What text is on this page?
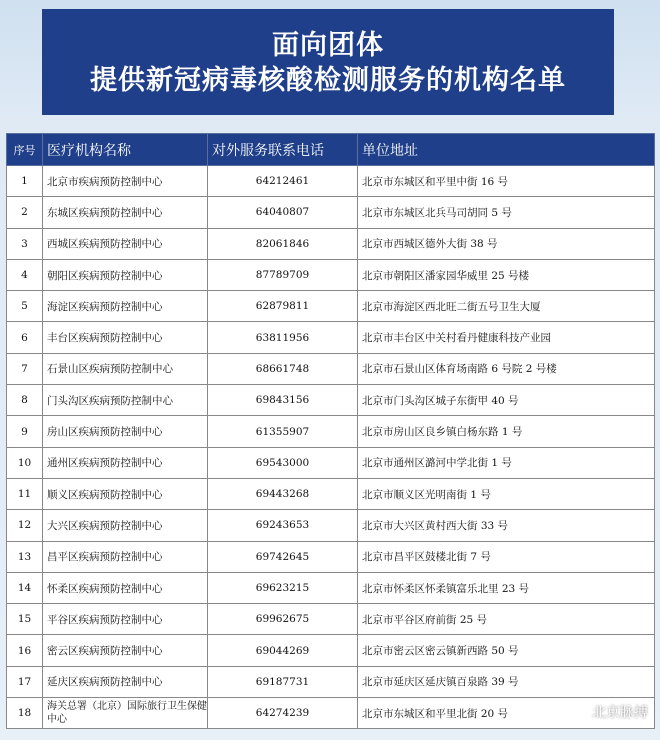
面向团体
提供新冠病毒核酸检测服务的机构名单
序号	医疗机构名称	对外服务联系电话	单位地址
1	北京市疾病预防控制中心	64212461	北京市东城区和平里中街 16 号
2	东城区疾病预防控制中心	64040807	北京市东城区北兵马司胡同 5 号
3	西城区疾病预防控制中心	82061846	北京市西城区德外大街 38 号
4	朝阳区疾病预防控制中心	87789709	北京市朝阳区潘家园华威里 25 号楼
5	海淀区疾病预防控制中心	62879811	北京市海淀区西北旺二街五号卫生大厦
6	丰台区疾病预防控制中心	63811956	北京市丰台区中关村看丹健康科技产业园
7	石景山区疾病预防控制中心	68661748	北京市石景山区体育场南路 6 号院 2 号楼
8	门头沟区疾病预防控制中心	69843156	北京市门头沟区城子东街甲 40 号
9	房山区疾病预防控制中心	61355907	北京市房山区良乡镇白杨东路 1 号
10	通州区疾病预防控制中心	69543000	北京市通州区潞河中学北街 1 号
11	顺义区疾病预防控制中心	69443268	北京市顺义区光明南街 1 号
12	大兴区疾病预防控制中心	69243653	北京市大兴区黄村西大街 33 号
13	昌平区疾病预防控制中心	69742645	北京市昌平区鼓楼北街 7 号
14	怀柔区疾病预防控制中心	69623215	北京市怀柔区怀柔镇富乐北里 23 号
15	平谷区疾病预防控制中心	69962675	北京市平谷区府前街 25 号
16	密云区疾病预防控制中心	69044269	北京市密云区密云镇新西路 50 号
17	延庆区疾病预防控制中心	69187731	北京市延庆区延庆镇百泉路 39 号
18	海关总署（北京）国际旅行卫生保健中心	64274239	北京市东城区和平里北街 20 号	北京脉搏
